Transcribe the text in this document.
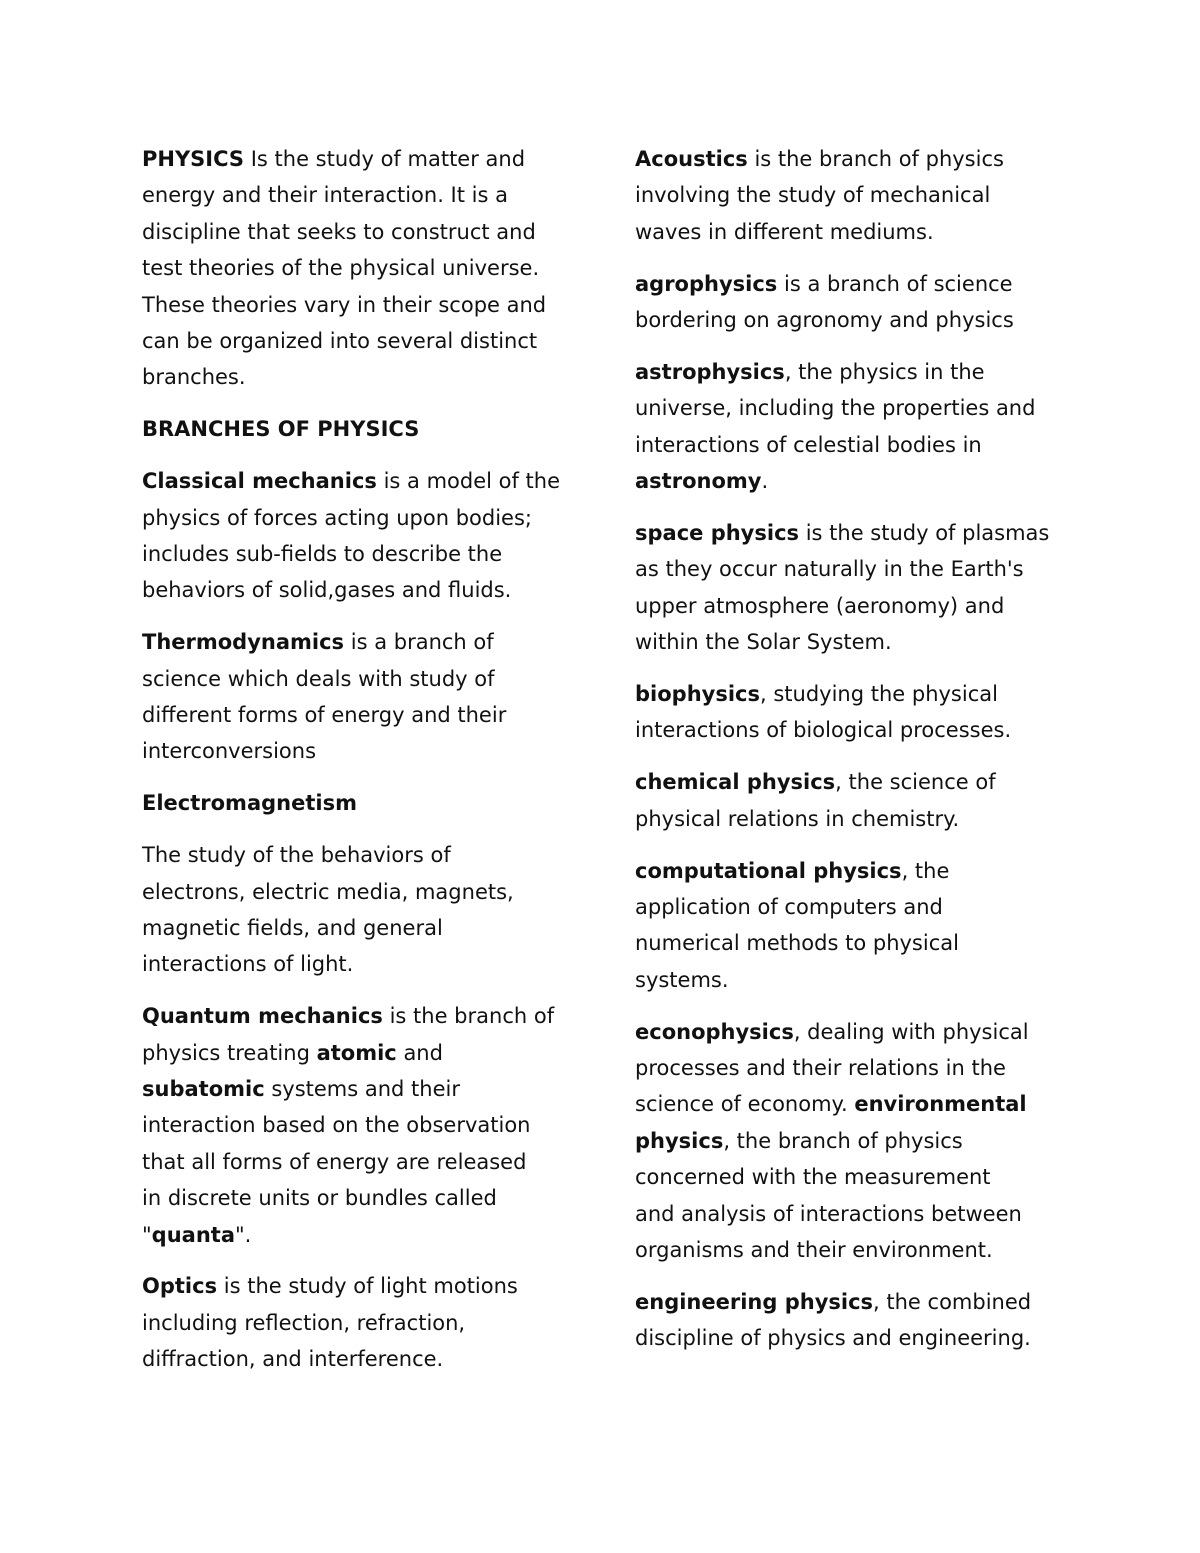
PHYSICS Is the study of matter and
energy and their interaction. It is a
discipline that seeks to construct and
test theories of the physical universe.
These theories vary in their scope and
can be organized into several distinct
branches.
BRANCHES OF PHYSICS
Classical mechanics is a model of the
physics of forces acting upon bodies;
includes sub-fields to describe the
behaviors of solid,gases and fluids.
Thermodynamics is a branch of
science which deals with study of
different forms of energy and their
interconversions
Electromagnetism
The study of the behaviors of
electrons, electric media, magnets,
magnetic fields, and general
interactions of light.
Quantum mechanics is the branch of
physics treating atomic and
subatomic systems and their
interaction based on the observation
that all forms of energy are released
in discrete units or bundles called
"quanta".
Optics is the study of light motions
including reflection, refraction,
diffraction, and interference.
Acoustics is the branch of physics
involving the study of mechanical
waves in different mediums.
agrophysics is a branch of science
bordering on agronomy and physics
astrophysics, the physics in the
universe, including the properties and
interactions of celestial bodies in
astronomy.
space physics is the study of plasmas
as they occur naturally in the Earth's
upper atmosphere (aeronomy) and
within the Solar System.
biophysics, studying the physical
interactions of biological processes.
chemical physics, the science of
physical relations in chemistry.
computational physics, the
application of computers and
numerical methods to physical
systems.
econophysics, dealing with physical
processes and their relations in the
science of economy. environmental
physics, the branch of physics
concerned with the measurement
and analysis of interactions between
organisms and their environment.
engineering physics, the combined
discipline of physics and engineering.
